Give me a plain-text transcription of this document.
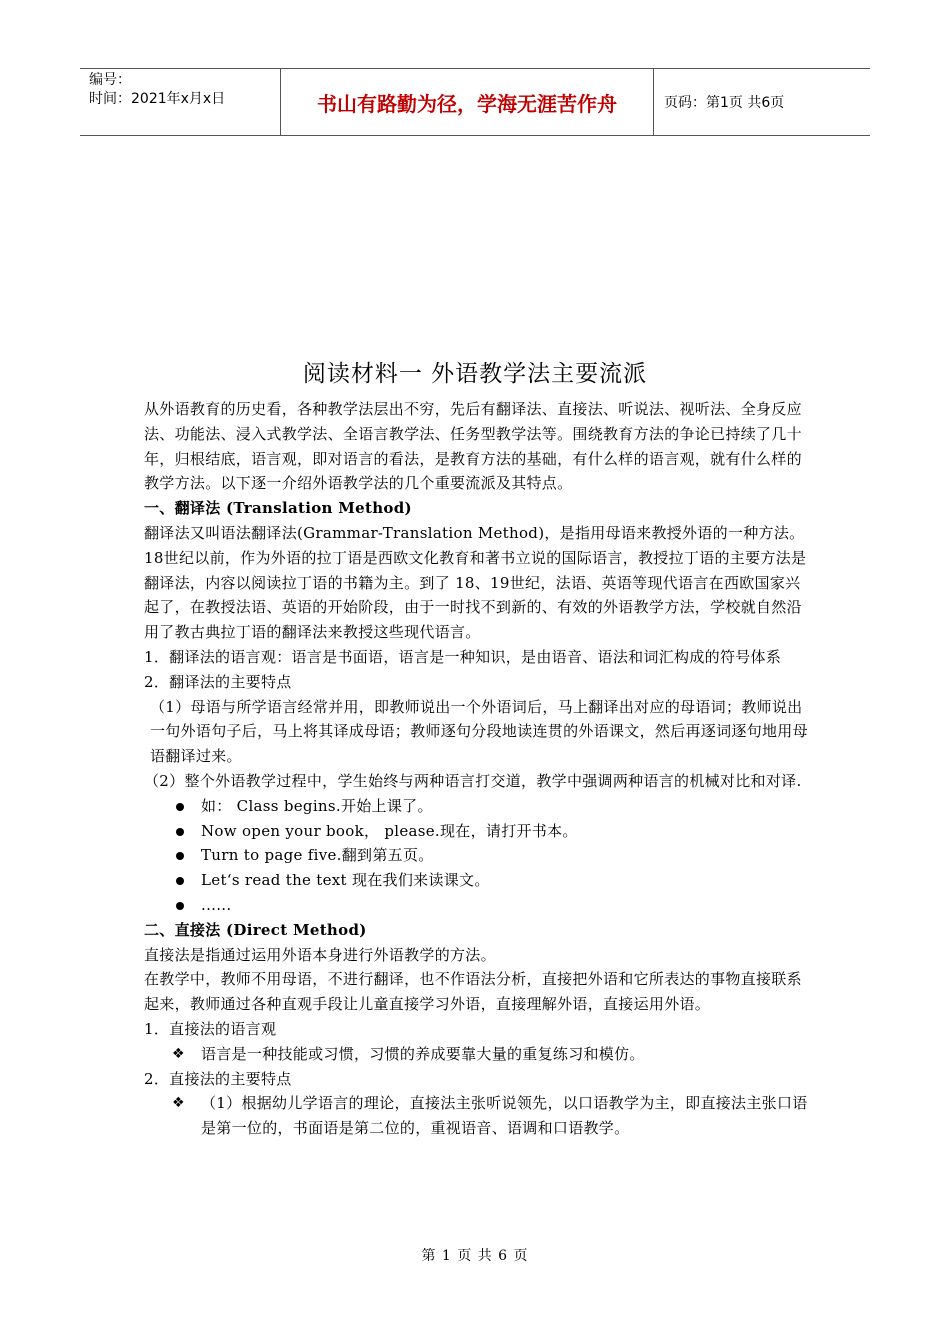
编号：
时间：2021年x月x日	书山有路勤为径，学海无涯苦作舟	页码：第1页 共6页
阅读材料一 外语教学法主要流派

从外语教育的历史看，各种教学法层出不穷，先后有翻译法、直接法、听说法、视听法、全身反应法、功能法、浸入式教学法、全语言教学法、任务型教学法等。围绕教育方法的争论已持续了几十年，归根结底，语言观，即对语言的看法，是教育方法的基础，有什么样的语言观，就有什么样的教学方法。以下逐一介绍外语教学法的几个重要流派及其特点。

一、翻译法 (Translation Method)

翻译法又叫语法翻译法(Grammar-Translation Method)，是指用母语来教授外语的一种方法。18世纪以前，作为外语的拉丁语是西欧文化教育和著书立说的国际语言，教授拉丁语的主要方法是翻译法，内容以阅读拉丁语的书籍为主。到了 18、19世纪，法语、英语等现代语言在西欧国家兴起了，在教授法语、英语的开始阶段，由于一时找不到新的、有效的外语教学方法，学校就自然沿用了教古典拉丁语的翻译法来教授这些现代语言。

1．翻译法的语言观：语言是书面语，语言是一种知识，是由语音、语法和词汇构成的符号体系

2．翻译法的主要特点

（1）母语与所学语言经常并用，即教师说出一个外语词后，马上翻译出对应的母语词；教师说出一句外语句子后，马上将其译成母语；教师逐句分段地读连贯的外语课文，然后再逐词逐句地用母语翻译过来。

（2）整个外语教学过程中，学生始终与两种语言打交道，教学中强调两种语言的机械对比和对译.

如： Class begins.开始上课了。
Now open your book， please.现在，请打开书本。
Turn to page five.翻到第五页。
Let‘s read the text 现在我们来读课文。
......

二、直接法 (Direct Method)

直接法是指通过运用外语本身进行外语教学的方法。

在教学中，教师不用母语，不进行翻译，也不作语法分析，直接把外语和它所表达的事物直接联系起来，教师通过各种直观手段让儿童直接学习外语，直接理解外语，直接运用外语。

1．直接法的语言观

❖ 语言是一种技能或习惯，习惯的养成要靠大量的重复练习和模仿。

2．直接法的主要特点

❖ （1）根据幼儿学语言的理论，直接法主张听说领先，以口语教学为主，即直接法主张口语是第一位的，书面语是第二位的，重视语音、语调和口语教学。
第 1 页 共 6 页
